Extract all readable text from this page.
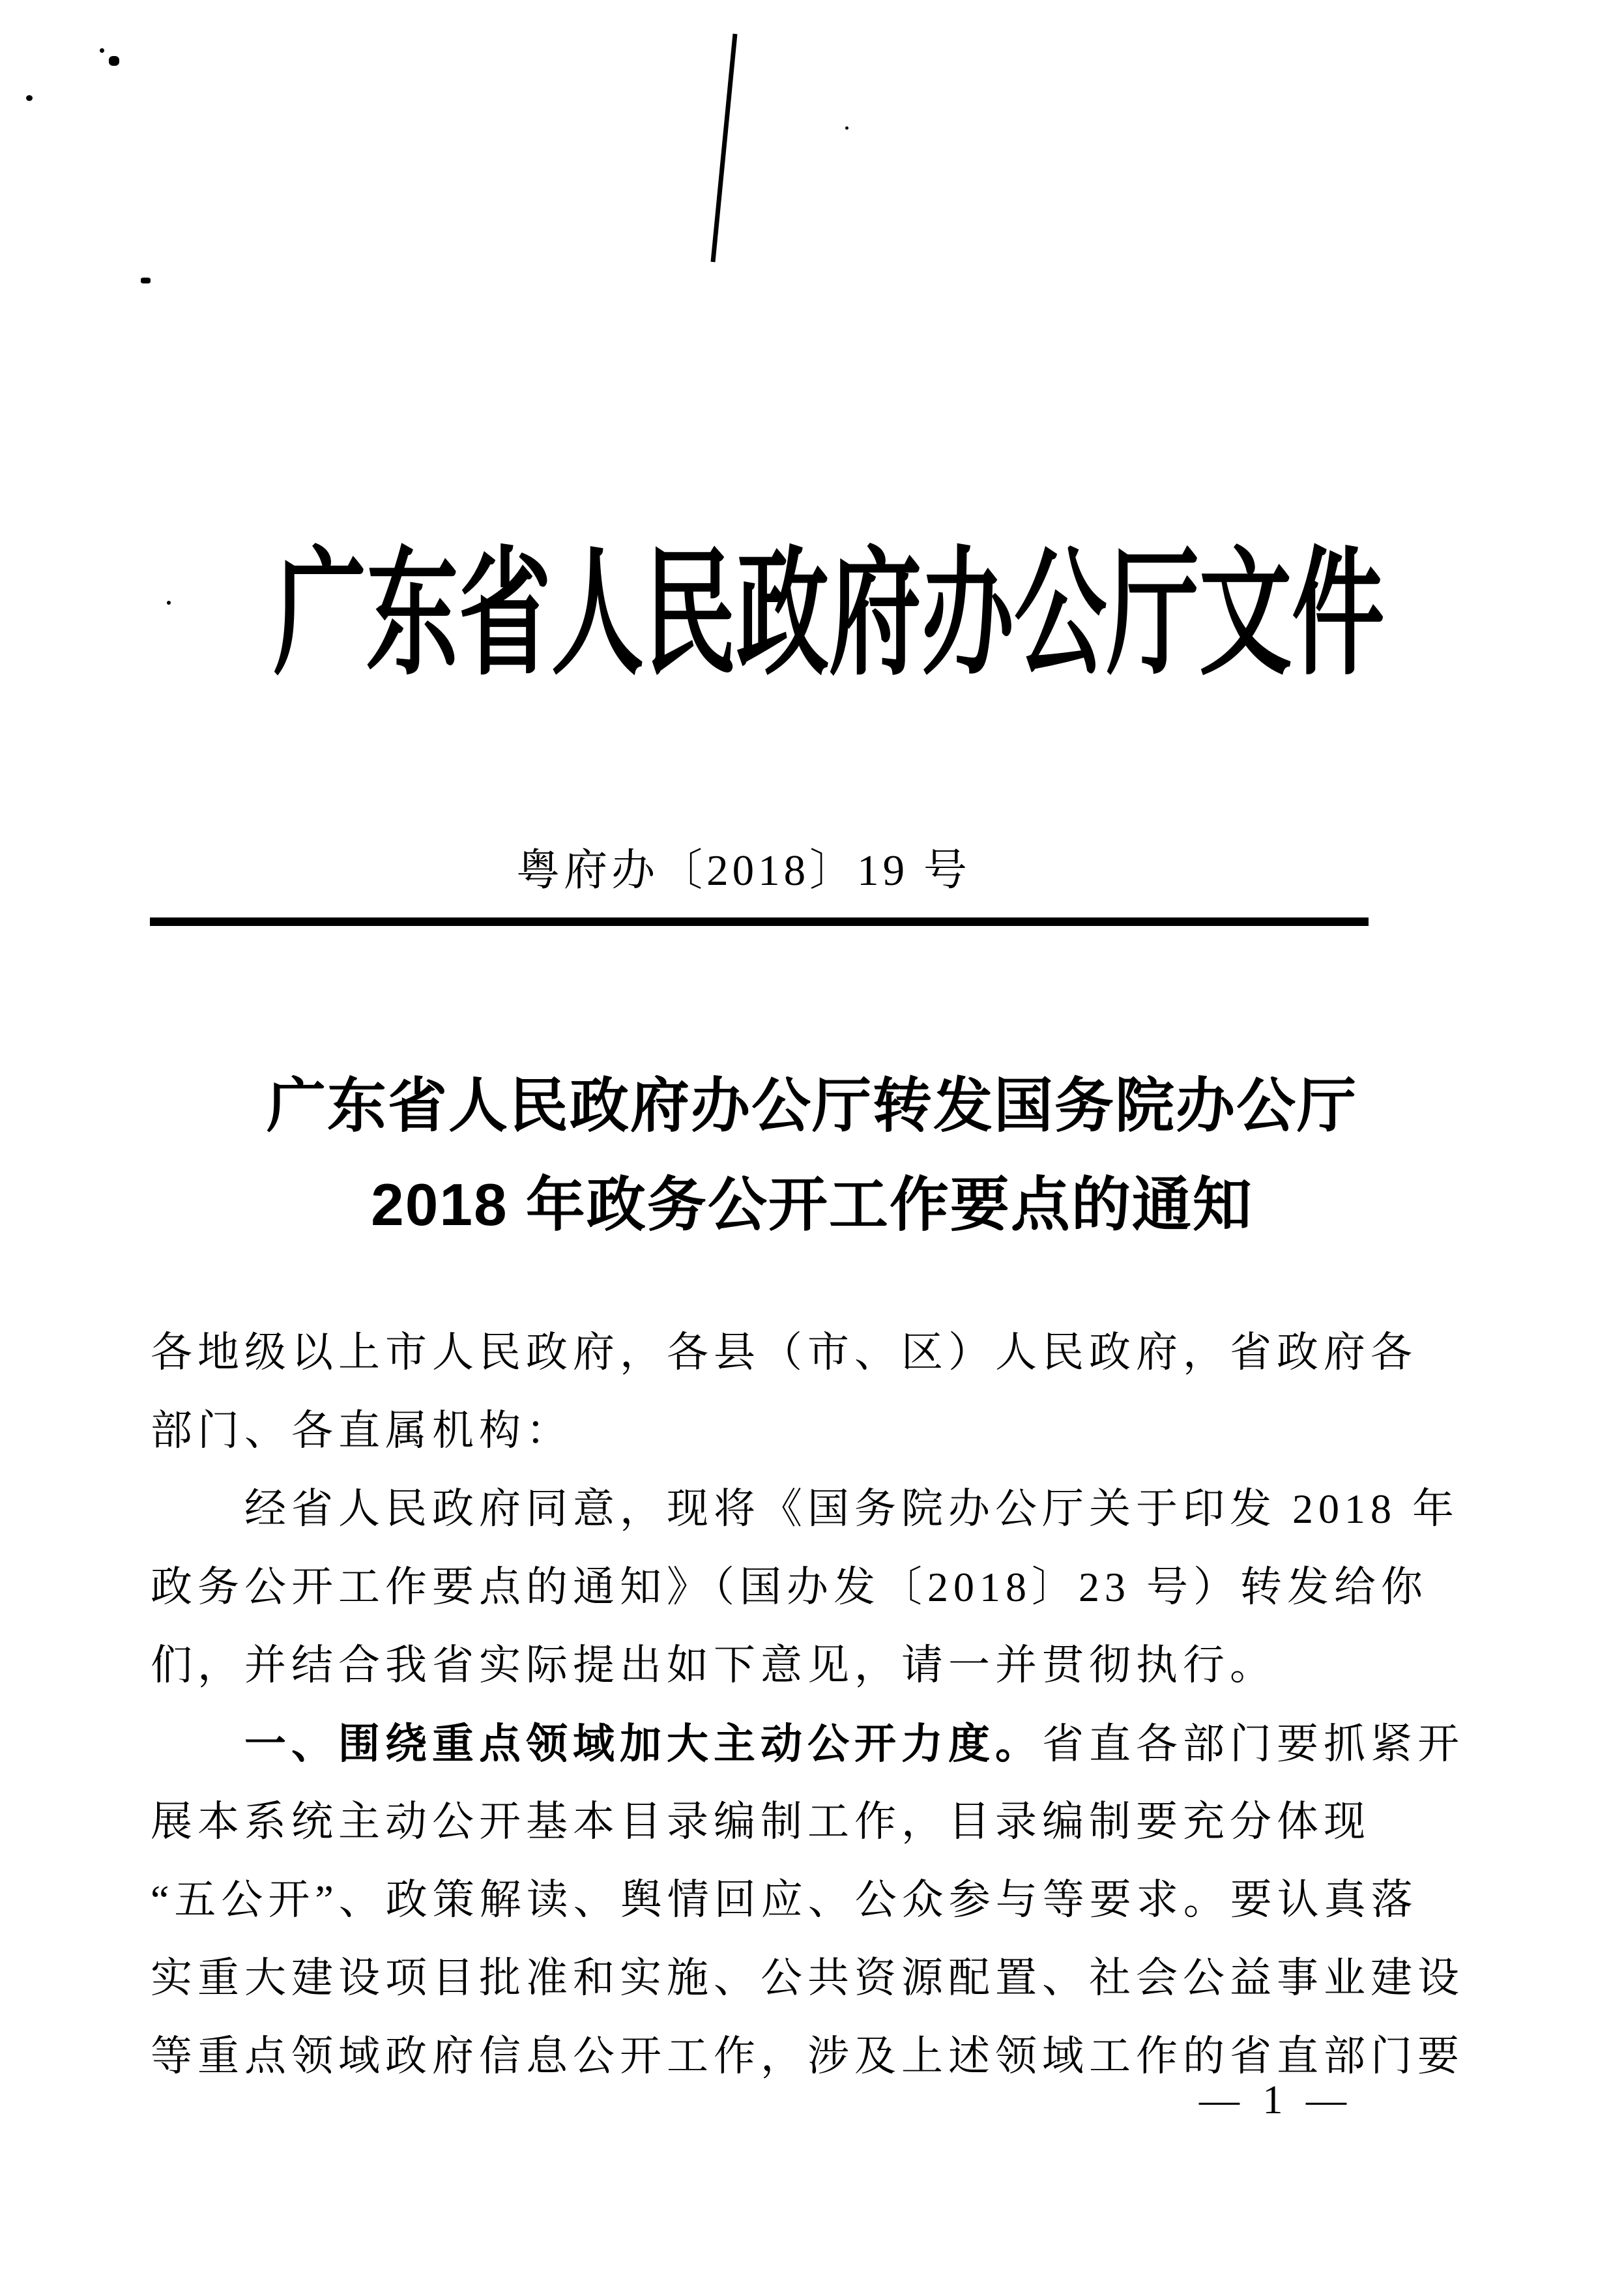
广东省人民政府办公厅文件
粤府办〔2018〕19 号
广东省人民政府办公厅转发国务院办公厅
2018 年政务公开工作要点的通知
各地级以上市人民政府，各县（市、区）人民政府，省政府各
部门、各直属机构：
经省人民政府同意，现将《国务院办公厅关于印发 2018 年
政务公开工作要点的通知》（国办发〔2018〕23 号）转发给你
们，并结合我省实际提出如下意见，请一并贯彻执行。
一、围绕重点领域加大主动公开力度。省直各部门要抓紧开
展本系统主动公开基本目录编制工作，目录编制要充分体现
“五公开”、政策解读、舆情回应、公众参与等要求。要认真落
实重大建设项目批准和实施、公共资源配置、社会公益事业建设
等重点领域政府信息公开工作，涉及上述领域工作的省直部门要
— 1 —
